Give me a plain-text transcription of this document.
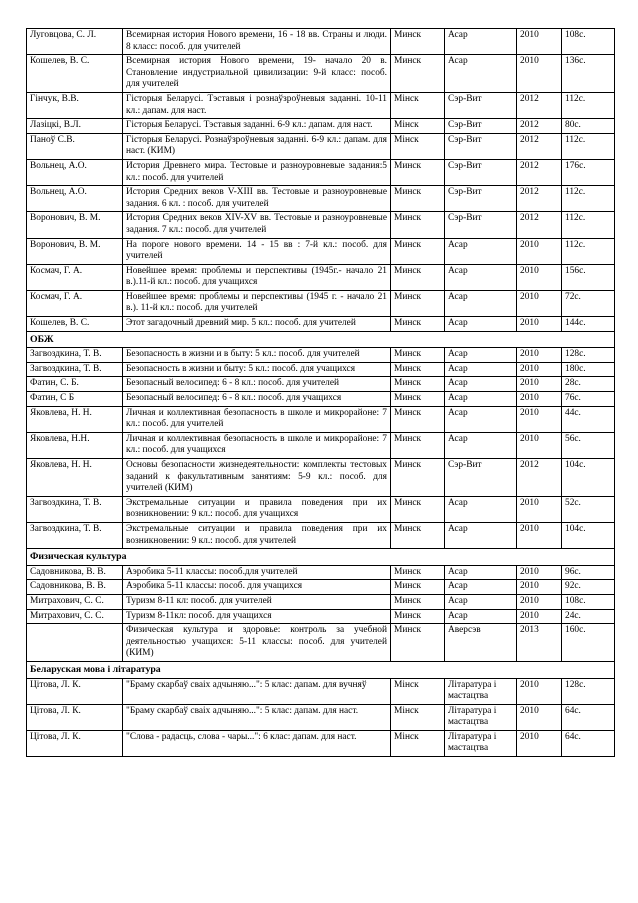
Луговцова, С. Л.	Всемирная история Нового времени, 16 - 18 вв. Страны и люди. 8 класс: пособ. для учителей	Минск	Асар	2010	108с.
Кошелев, В. С.	Всемирная история Нового времени, 19- начало 20 в. Становление индустриальной цивилизации: 9-й класс: пособ. для учителей	Минск	Асар	2010	136с.
Гінчук, В.В.	Гісторыя Беларусі. Тэставыя і рознаўзроўневыя заданні. 10-11 кл.: дапам. для наст.	Мінск	Сэр-Вит	2012	112с.
Лазіцкі, В.Л.	Гісторыя Беларусі. Тэставыя заданні. 6-9 кл.: дапам. для наст.	Мінск	Сэр-Вит	2012	80с.
Паноў С.В.	Гісторыя Беларусі. Рознаўзроўневыя заданні. 6-9 кл.: дапам. для наст. (КИМ)	Мінск	Сэр-Вит	2012	112с.
Вольнец, А.О.	История Древнего мира. Тестовые и разноуровневые задания:5 кл.: пособ. для учителей	Минск	Сэр-Вит	2012	176с.
Вольнец, А.О.	История Средних веков V-XIII вв. Тестовые и разноуровневые задания. 6 кл. : пособ. для учителей	Минск	Сэр-Вит	2012	112с.
Воронович, В. М.	История Средних веков XIV-XV вв. Тестовые и разноуровневые задания. 7 кл.: пособ. для учителей	Минск	Сэр-Вит	2012	112с.
Воронович, В. М.	На пороге нового времени. 14 - 15 вв : 7-й кл.: пособ. для учителей	Минск	Асар	2010	112с.
Космач, Г. А.	Новейшее время: проблемы и перспективы (1945г.- начало 21 в.).11-й кл.: пособ. для учащихся	Минск	Асар	2010	156с.
Космач, Г. А.	Новейшее время: проблемы и перспективы (1945 г. - начало 21 в.). 11-й кл.: пособ. для учителей	Минск	Асар	2010	72с.
Кошелев, В. С.	Этот загадочный древний мир. 5 кл.: пособ. для учителей	Минск	Асар	2010	144с.
ОБЖ					
Загвоздкина, Т. В.	Безопасность в жизни и в быту: 5 кл.: пособ. для учителей	Минск	Асар	2010	128с.
Загвоздкина, Т. В.	Безопасность в жизни и быту: 5 кл.: пособ. для учащихся	Минск	Асар	2010	180с.
Фатин, С. Б.	Безопасный велосипед: 6 - 8 кл.: пособ. для учителей	Минск	Асар	2010	28с.
Фатин, С Б	Безопасный велосипед: 6 - 8 кл.: пособ. для учащихся	Минск	Асар	2010	76с.
Яковлева, Н. Н.	Личная и коллективная безопасность в школе и микрорайоне: 7 кл.: пособ. для учителей	Минск	Асар	2010	44с.
Яковлева, Н.Н.	Личная и коллективная безопасность в школе и микрорайоне: 7 кл.: пособ. для учащихся	Минск	Асар	2010	56с.
Яковлева, Н. Н.	Основы безопасности жизнедеятельности: комплекты тестовых заданий к факультативным занятиям: 5-9 кл.: пособ. для учителей (КИМ)	Минск	Сэр-Вит	2012	104с.
Загвоздкина, Т. В.	Экстремальные ситуации и правила поведения при их возникновении: 9 кл.: пособ. для учащихся	Минск	Асар	2010	52с.
Загвоздкина, Т. В.	Экстремальные ситуации и правила поведения при их возникновении: 9 кл.: пособ. для учителей	Минск	Асар	2010	104с.
Физическая культура					
Садовникова, В. В.	Аэробика 5-11 классы: пособ.для учителей	Минск	Асар	2010	96с.
Садовникова, В. В.	Аэробика 5-11 классы: пособ. для учащихся	Минск	Асар	2010	92с.
Митрахович, С. С.	Туризм 8-11 кл: пособ. для учителей	Минск	Асар	2010	108с.
Митрахович, С. С.	Туризм 8-11кл: пособ. для учащихся	Минск	Асар	2010	24с.
	Физическая культура и здоровье: контроль за учебной деятельностью учащихся: 5-11 классы: пособ. для учителей (КИМ)	Минск	Аверсэв	2013	160с.
Беларуская мова і літаратура					
Цітова, Л. К.	"Браму скарбаў сваіх адчыняю...": 5 клас: дапам. для вучняў	Мінск	Літаратура і мастацтва	2010	128с.
Цітова, Л. К.	"Браму скарбаў сваіх адчыняю...": 5 клас: дапам. для наст.	Мінск	Літаратура і мастацтва	2010	64с.
Цітова, Л. К.	"Слова - радасць, слова - чары...": 6 клас: дапам. для наст.	Мінск	Літаратура і мастацтва	2010	64с.
